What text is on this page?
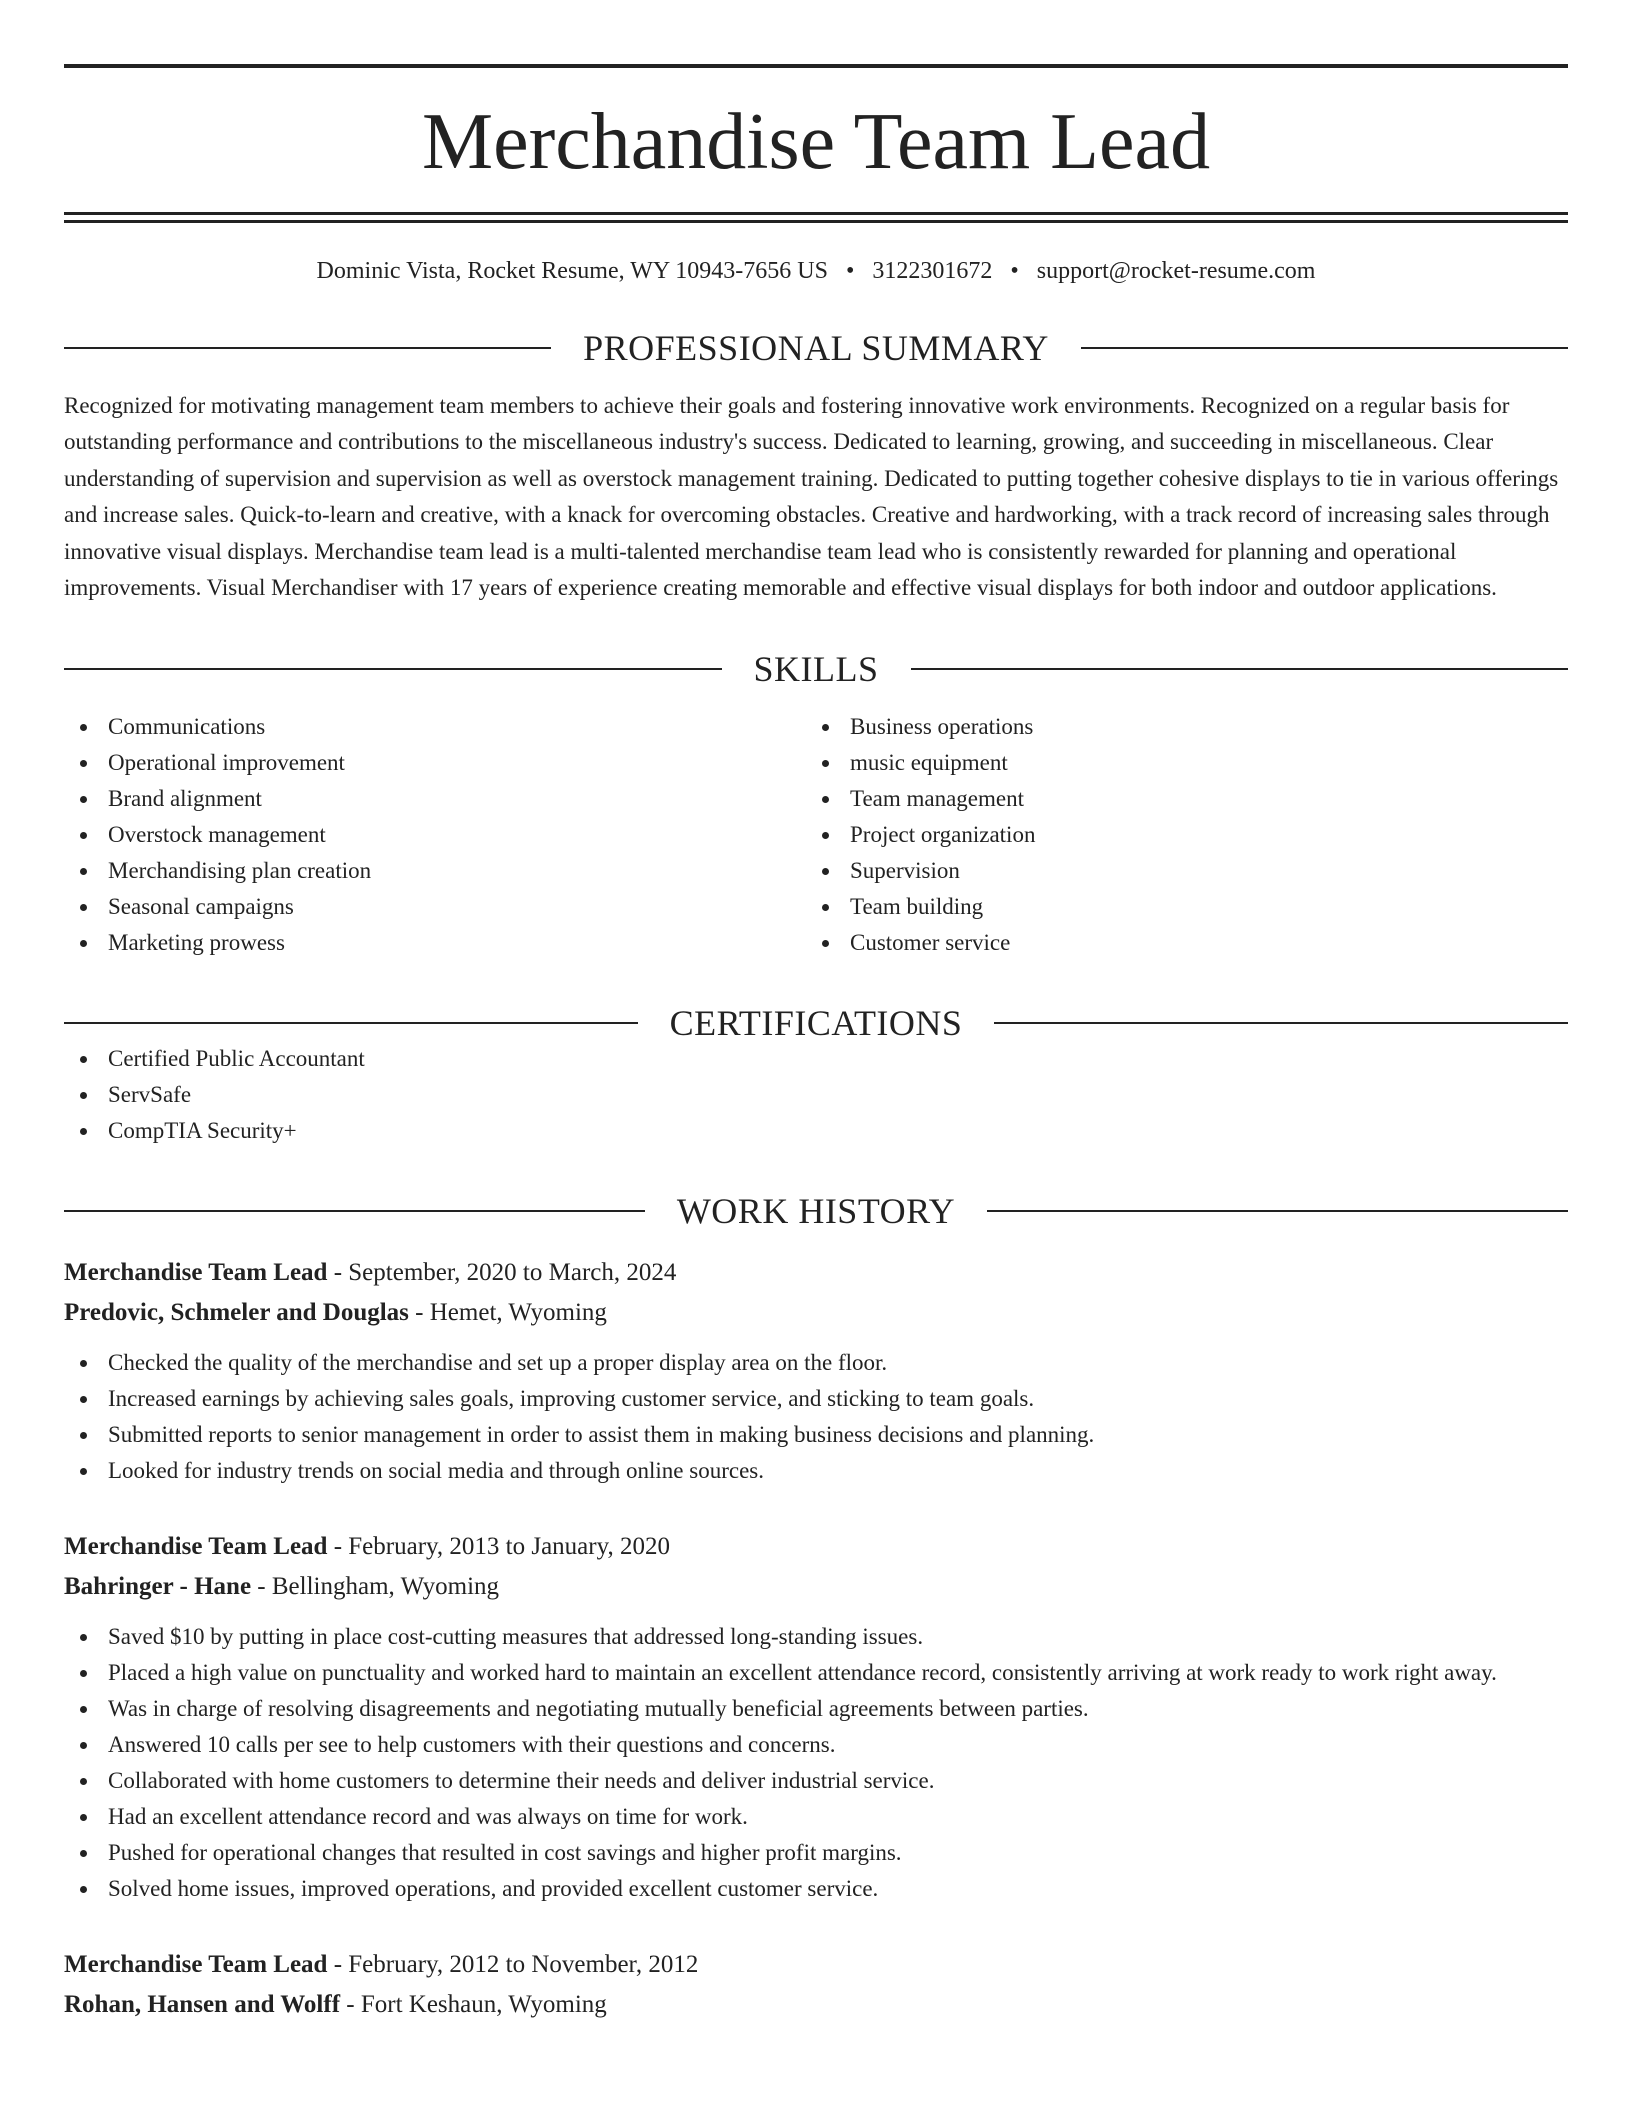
Merchandise Team Lead
Dominic Vista, Rocket Resume, WY 10943-7656 US • 3122301672 • support@rocket-resume.com
PROFESSIONAL SUMMARY
Recognized for motivating management team members to achieve their goals and fostering innovative work environments. Recognized on a regular basis for outstanding performance and contributions to the miscellaneous industry's success. Dedicated to learning, growing, and succeeding in miscellaneous. Clear understanding of supervision and supervision as well as overstock management training. Dedicated to putting together cohesive displays to tie in various offerings and increase sales. Quick-to-learn and creative, with a knack for overcoming obstacles. Creative and hardworking, with a track record of increasing sales through innovative visual displays. Merchandise team lead is a multi-talented merchandise team lead who is consistently rewarded for planning and operational improvements. Visual Merchandiser with 17 years of experience creating memorable and effective visual displays for both indoor and outdoor applications.
SKILLS
Communications
Operational improvement
Brand alignment
Overstock management
Merchandising plan creation
Seasonal campaigns
Marketing prowess
Business operations
music equipment
Team management
Project organization
Supervision
Team building
Customer service
CERTIFICATIONS
Certified Public Accountant
ServSafe
CompTIA Security+
WORK HISTORY
Merchandise Team Lead - September, 2020 to March, 2024
Predovic, Schmeler and Douglas - Hemet, Wyoming
Checked the quality of the merchandise and set up a proper display area on the floor.
Increased earnings by achieving sales goals, improving customer service, and sticking to team goals.
Submitted reports to senior management in order to assist them in making business decisions and planning.
Looked for industry trends on social media and through online sources.
Merchandise Team Lead - February, 2013 to January, 2020
Bahringer - Hane - Bellingham, Wyoming
Saved $10 by putting in place cost-cutting measures that addressed long-standing issues.
Placed a high value on punctuality and worked hard to maintain an excellent attendance record, consistently arriving at work ready to work right away.
Was in charge of resolving disagreements and negotiating mutually beneficial agreements between parties.
Answered 10 calls per see to help customers with their questions and concerns.
Collaborated with home customers to determine their needs and deliver industrial service.
Had an excellent attendance record and was always on time for work.
Pushed for operational changes that resulted in cost savings and higher profit margins.
Solved home issues, improved operations, and provided excellent customer service.
Merchandise Team Lead - February, 2012 to November, 2012
Rohan, Hansen and Wolff - Fort Keshaun, Wyoming
